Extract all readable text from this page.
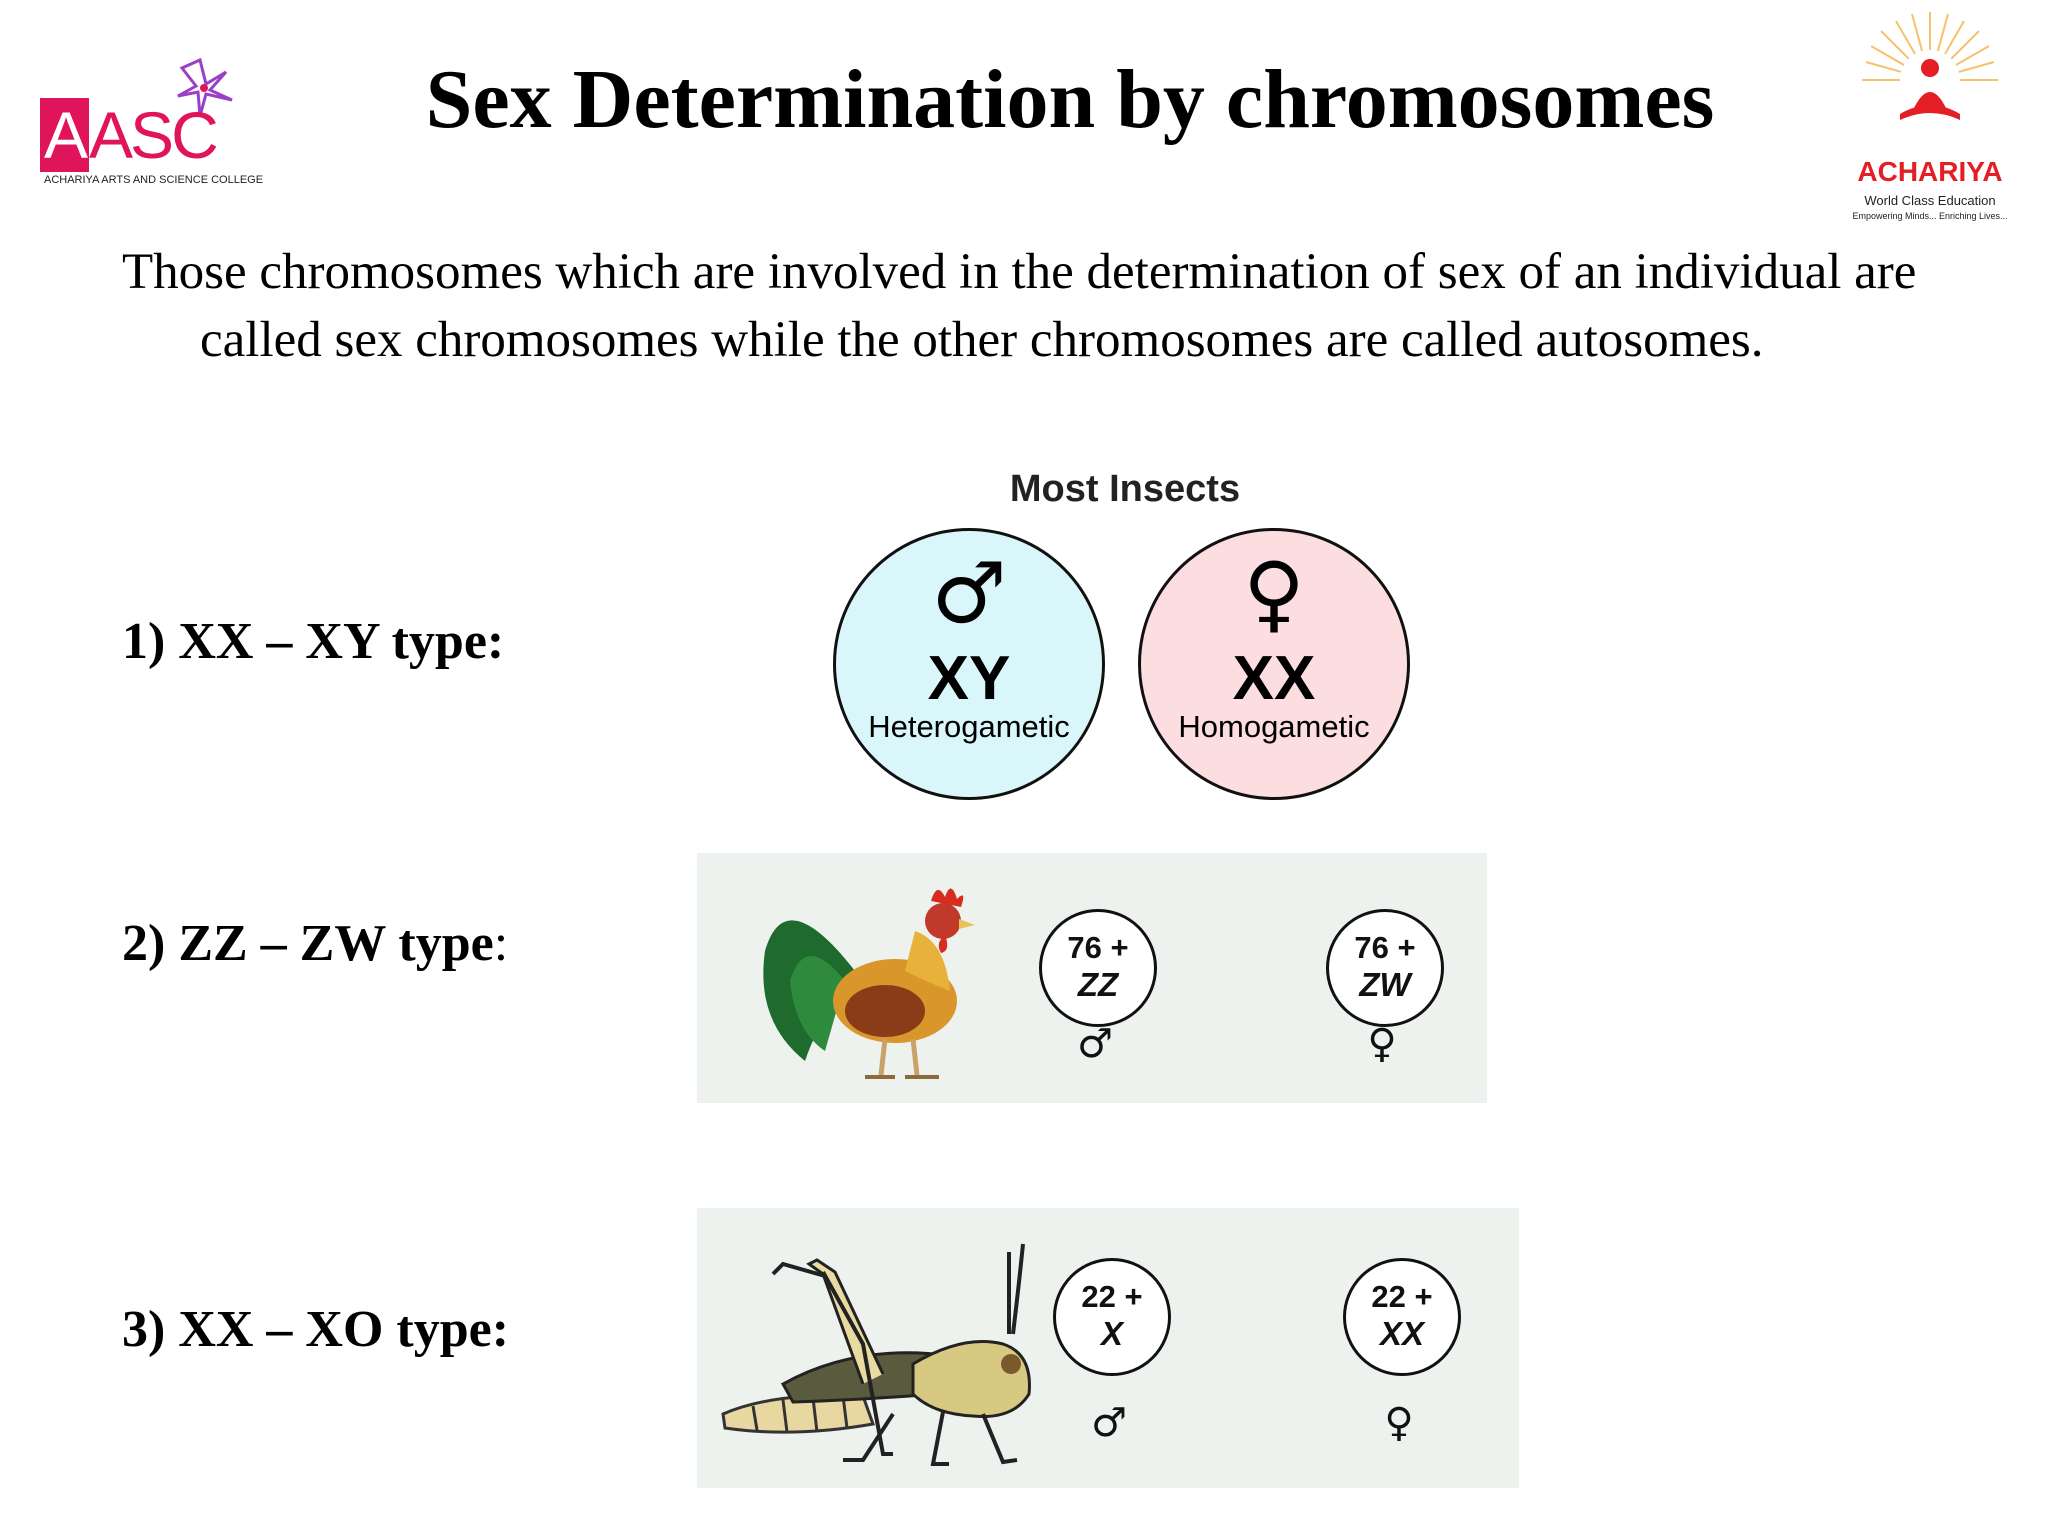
AASC
ACHARIYA ARTS AND SCIENCE COLLEGE	ACHARIYA
World Class Education
Empowering Minds... Enriching Lives...
Sex Determination by chromosomes
Those chromosomes which are involved in the determination of sex of an individual are called sex chromosomes while the other chromosomes are called autosomes.
1) XX – XY type:
2) ZZ – ZW type:
3) XX – XO type:
Most Insects
♂
XY
Heterogametic
♀
XX
Homogametic
76 +
ZZ
♂
76 +
ZW
♀
22 +
X
♂
22 +
XX
♀
